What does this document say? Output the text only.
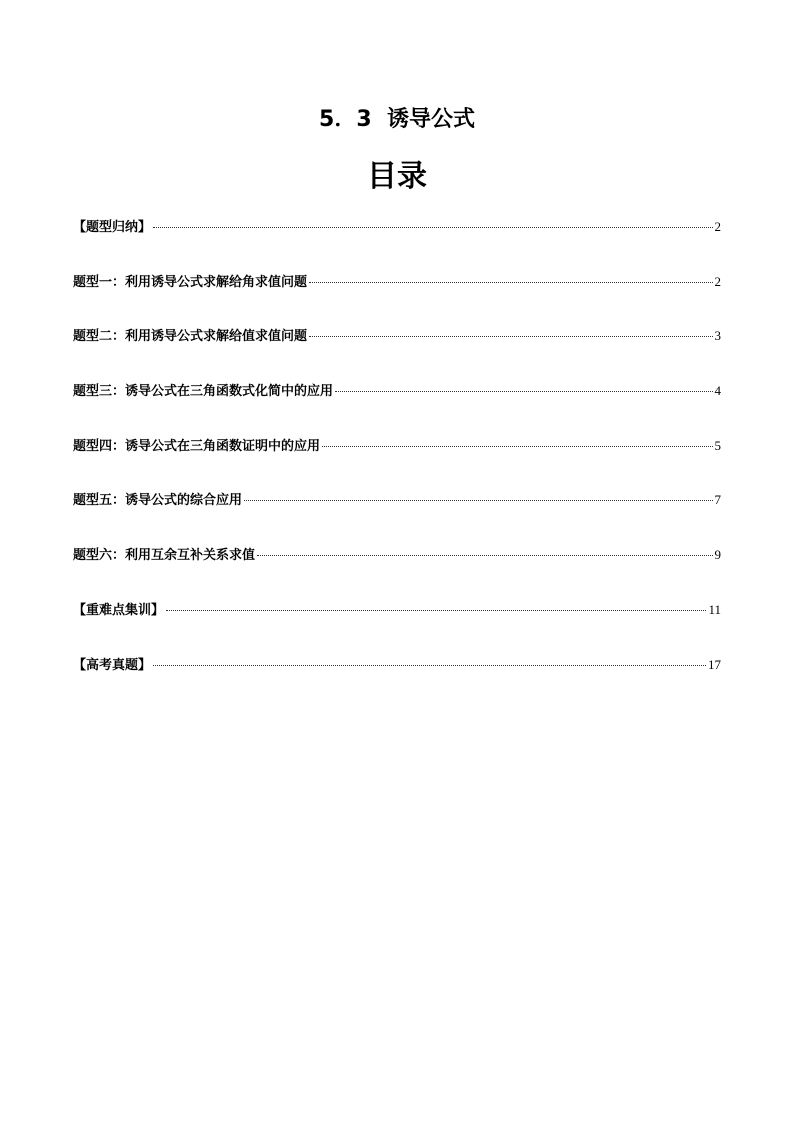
5．3  诱导公式
目录
【题型归纳】	2
题型一：利用诱导公式求解给角求值问题	2
题型二：利用诱导公式求解给值求值问题	3
题型三：诱导公式在三角函数式化简中的应用	4
题型四：诱导公式在三角函数证明中的应用	5
题型五：诱导公式的综合应用	7
题型六：利用互余互补关系求值	9
【重难点集训】	11
【高考真题】	17
